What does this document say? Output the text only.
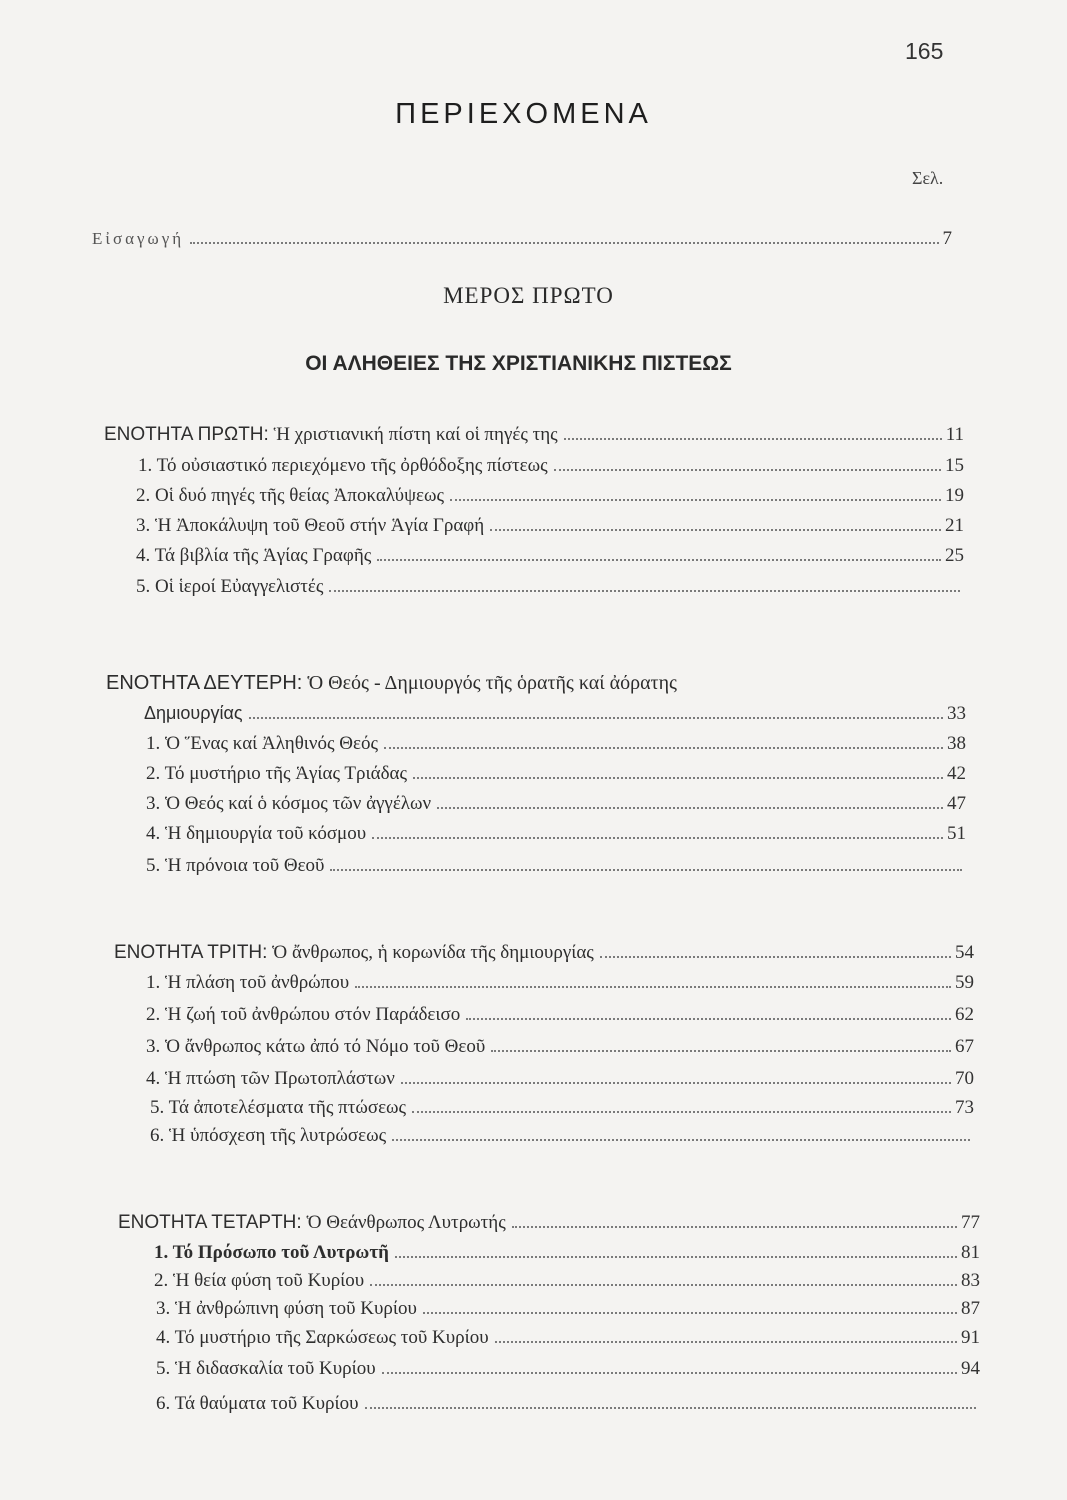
165
ΠΕΡΙΕΧΟΜΕΝΑ
Σελ.
Εἰσαγωγή	7
ΜΕΡΟΣ ΠΡΩΤΟ
ΟΙ ΑΛΗΘΕΙΕΣ ΤΗΣ ΧΡΙΣΤΙΑΝΙΚΗΣ ΠΙΣΤΕΩΣ
ΕΝΟΤΗΤΑ ΠΡΩΤΗ: Ἡ χριστιανική πίστη καί οἱ πηγές της	11
1. Τό οὐσιαστικό περιεχόμενο τῆς ὀρθόδοξης πίστεως	15
2. Οἱ δυό πηγές τῆς θείας Ἀποκαλύψεως	19
3. Ἡ Ἀποκάλυψη τοῦ Θεοῦ στήν Ἁγία Γραφή	21
4. Τά βιβλία τῆς Ἁγίας Γραφῆς	25
5. Οἱ ἱεροί Εὐαγγελιστές
ΕΝΟΤΗΤΑ ΔΕΥΤΕΡΗ: Ὁ Θεός - Δημιουργός τῆς ὁρατῆς καί ἀόρατης
Δημιουργίας	33
1. Ὁ Ἕνας καί Ἀληθινός Θεός	38
2. Τό μυστήριο τῆς Ἁγίας Τριάδας	42
3. Ὁ Θεός καί ὁ κόσμος τῶν ἀγγέλων	47
4. Ἡ δημιουργία τοῦ κόσμου	51
5. Ἡ πρόνοια τοῦ Θεοῦ
ΕΝΟΤΗΤΑ ΤΡΙΤΗ: Ὁ ἄνθρωπος, ἡ κορωνίδα τῆς δημιουργίας	54
1. Ἡ πλάση τοῦ ἀνθρώπου	59
2. Ἡ ζωή τοῦ ἀνθρώπου στόν Παράδεισο	62
3. Ὁ ἄνθρωπος κάτω ἀπό τό Νόμο τοῦ Θεοῦ	67
4. Ἡ πτώση τῶν Πρωτοπλάστων	70
5. Τά ἀποτελέσματα τῆς πτώσεως	73
6. Ἡ ὑπόσχεση τῆς λυτρώσεως
ΕΝΟΤΗΤΑ ΤΕΤΑΡΤΗ: Ὁ Θεάνθρωπος Λυτρωτής	77
1. Τό Πρόσωπο τοῦ Λυτρωτῆ	81
2. Ἡ θεία φύση τοῦ Κυρίου	83
3. Ἡ ἀνθρώπινη φύση τοῦ Κυρίου	87
4. Τό μυστήριο τῆς Σαρκώσεως τοῦ Κυρίου	91
5. Ἡ διδασκαλία τοῦ Κυρίου	94
6. Τά θαύματα τοῦ Κυρίου
